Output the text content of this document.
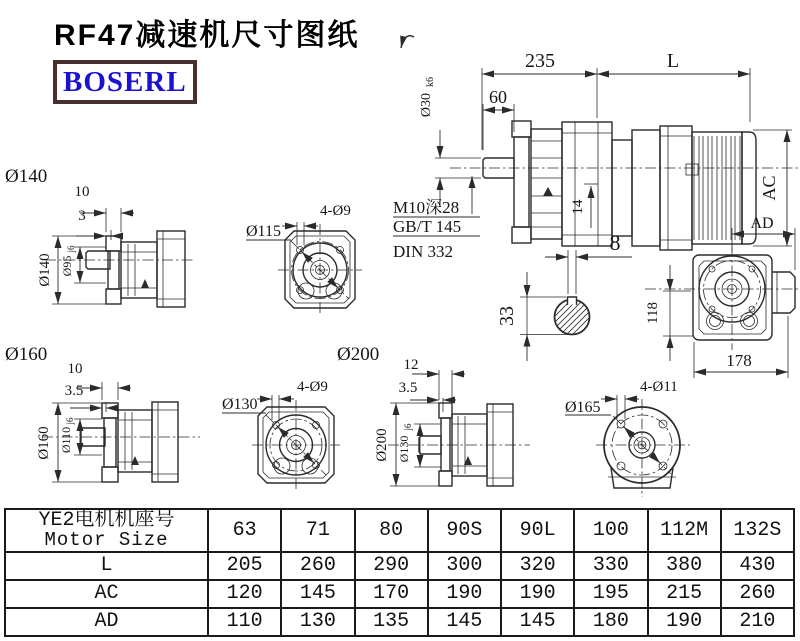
RF47减速机尺寸图纸
BOSERL
235	L
60
Ø30
k6
14
AC
M10深28
GB/T 145
DIN 332	8
33
AD
118
178
Ø140
10
3
Ø140 Ø95
j6
Ø115
4-Ø9
Ø160
10
3.5
Ø160 Ø110
j6
Ø130
4-Ø9
Ø200 12
3.5
Ø200 Ø130
j6
Ø165
4-Ø11
YE2电机机座号
Motor Size	63	71	80	90S	90L	100	112M	132S
L	205	260	290	300	320	330	380	430
AC	120	145	170	190	190	195	215	260
AD	110	130	135	145	145	180	190	210
